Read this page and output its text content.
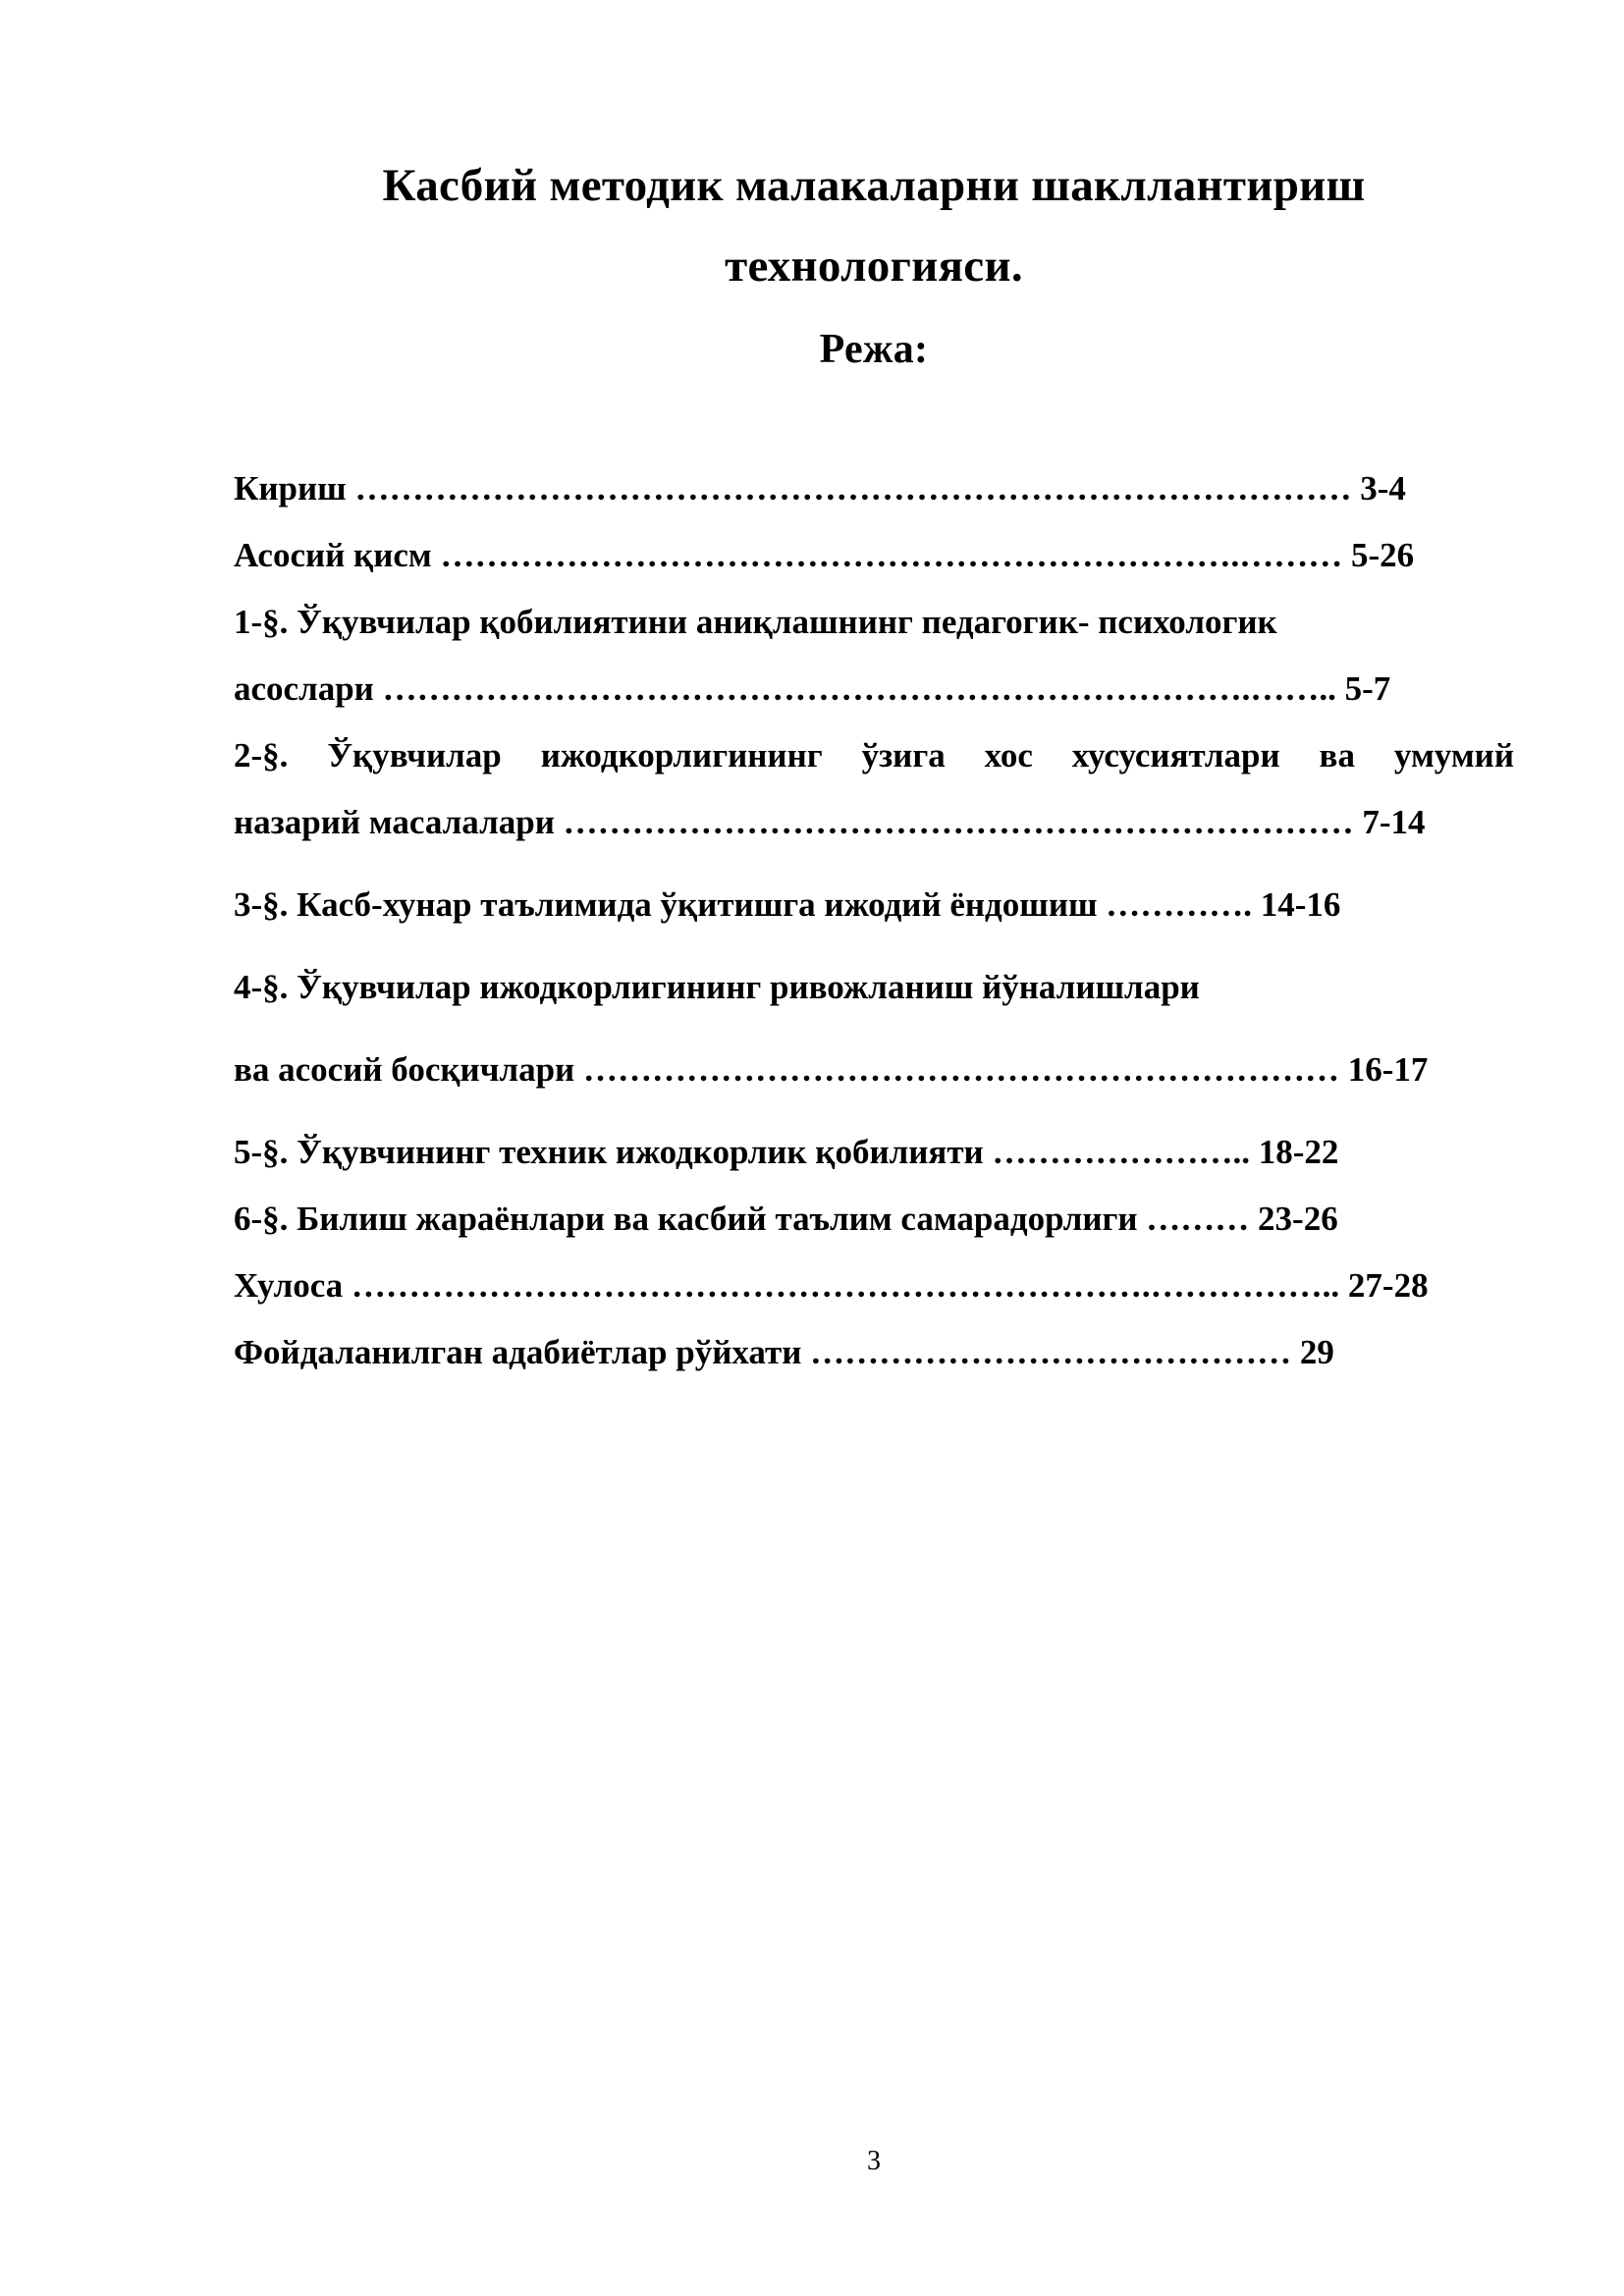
Касбий методик малакаларни шакллантириш
технологияси.
Режа:
Кириш …………………………………………………………………………… 3-4
Асосий қисм …………………………………………………………….……… 5-26
1-§. Ўқувчилар қобилиятини аниқлашнинг педагогик- психологик
асослари ………………………………………………………………….…….. 5-7
2-§. Ўқувчилар ижодкорлигининг ўзига хос хусусиятлари ва умумий
назарий масалалари …………………………………………………………… 7-14
3-§. Касб-хунар таълимида ўқитишга ижодий ёндошиш …………. 14-16
4-§. Ўқувчилар ижодкорлигининг ривожланиш йўналишлари
ва асосий босқичлари ………………………………………………………… 16-17
5-§. Ўқувчининг техник ижодкорлик қобилияти ………………….. 18-22
6-§. Билиш жараёнлари ва касбий таълим самарадорлиги ……… 23-26
Хулоса …………………………………………………………….…………….. 27-28
Фойдаланилган адабиётлар рўйхати …………………………………… 29
3
